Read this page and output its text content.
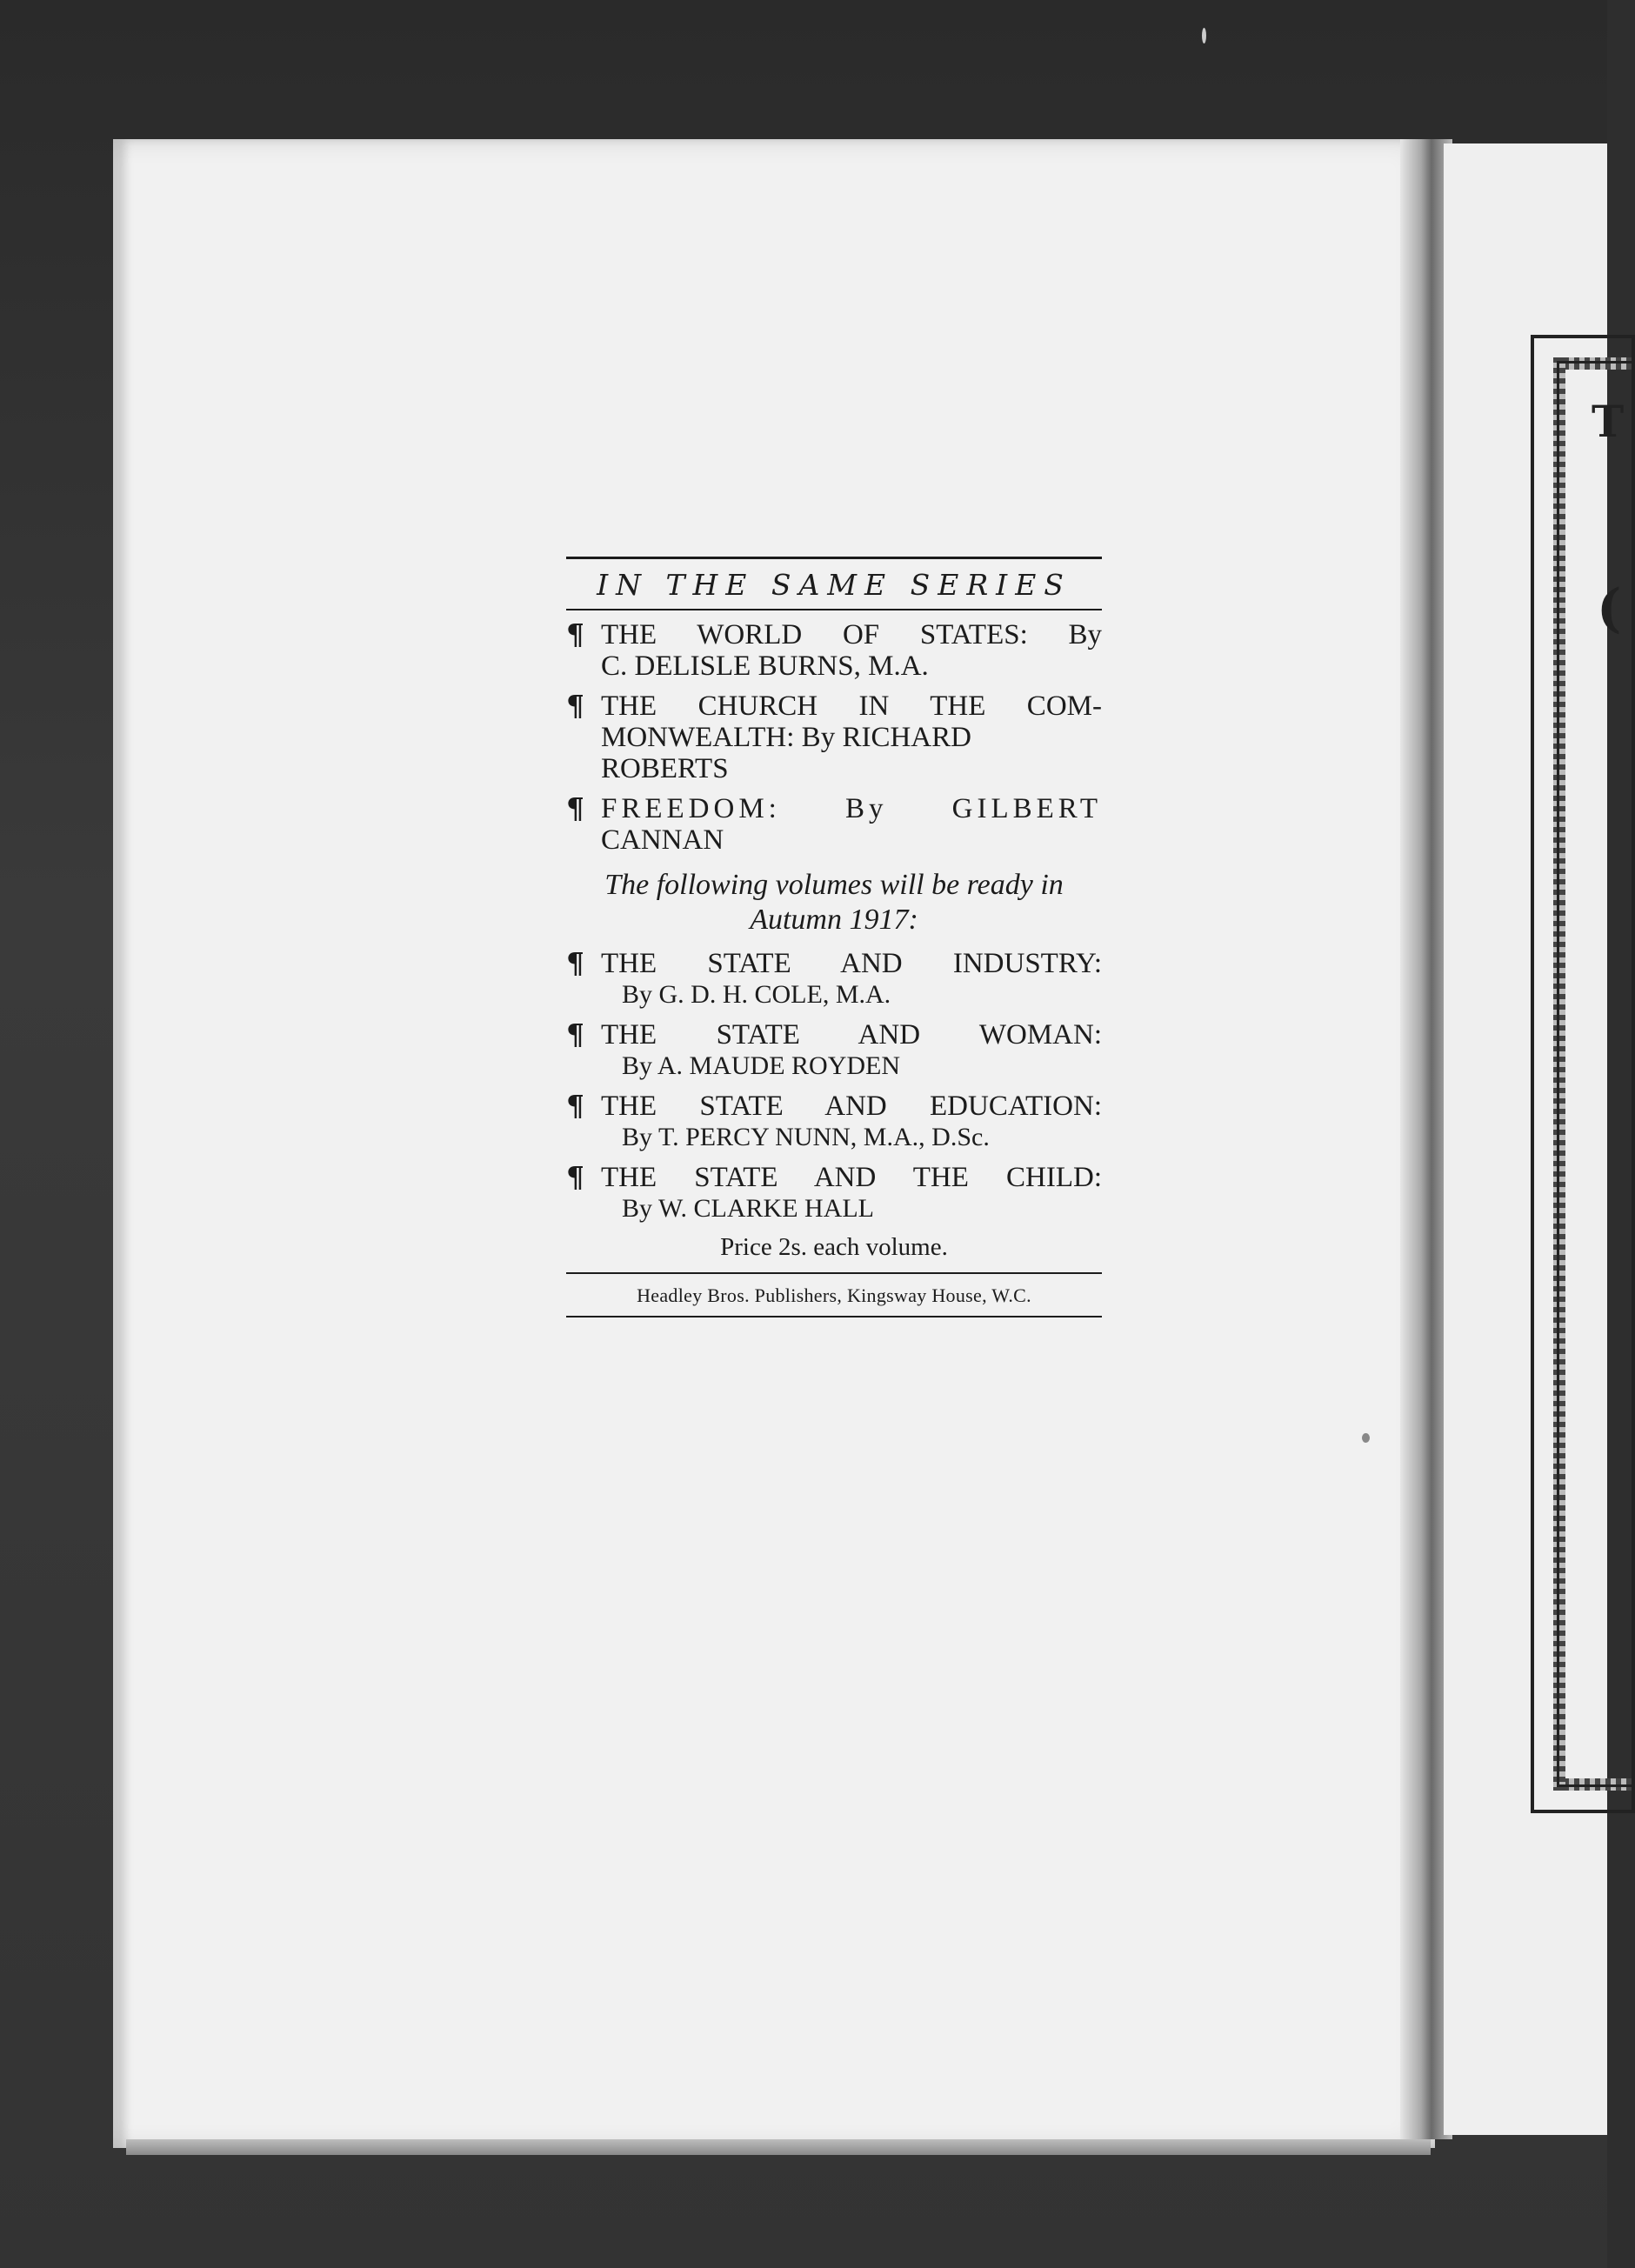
T
(
IN THE SAME SERIES
¶ THE WORLD OF STATES: By
C. DELISLE BURNS, M.A.
¶ THE CHURCH IN THE COM-
MONWEALTH: By RICHARD ROBERTS
¶ FREEDOM: By GILBERT
CANNAN
The following volumes will be ready in Autumn 1917:
¶ THE STATE AND INDUSTRY:
By G. D. H. COLE, M.A.
¶ THE STATE AND WOMAN:
By A. MAUDE ROYDEN
¶ THE STATE AND EDUCATION:
By T. PERCY NUNN, M.A., D.Sc.
¶ THE STATE AND THE CHILD:
By W. CLARKE HALL
Price 2s. each volume.
Headley Bros. Publishers, Kingsway House, W.C.
